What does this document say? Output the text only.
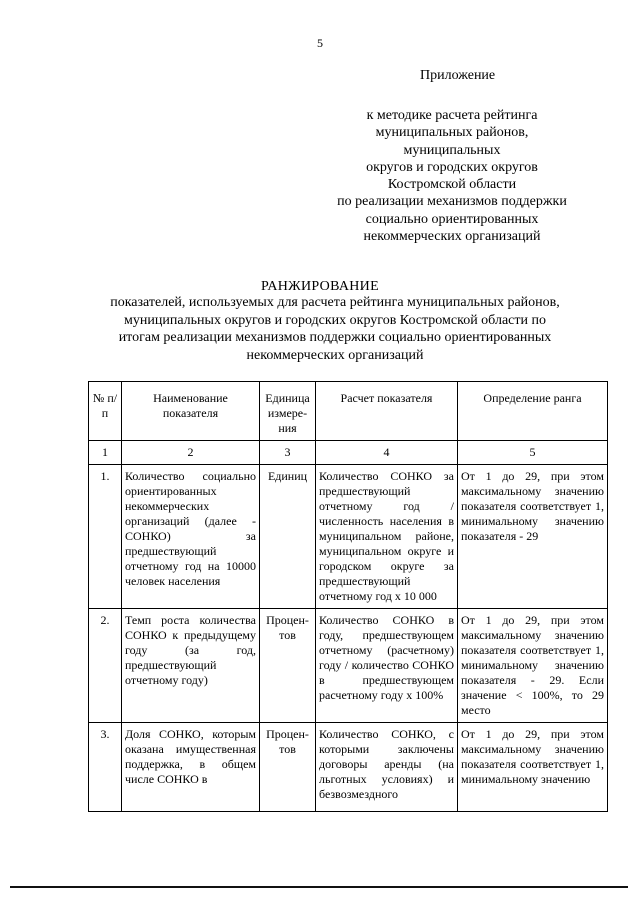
5
Приложение
к методике расчета рейтинга
муниципальных районов,
муниципальных
округов и городских округов
Костромской области
по реализации механизмов поддержки
социально ориентированных
некоммерческих организаций
РАНЖИРОВАНИЕ
показателей, используемых для расчета рейтинга муниципальных районов,
муниципальных округов и городских округов Костромской области по
итогам реализации механизмов поддержки социально ориентированных
некоммерческих организаций
№ п/п	Наименование показателя	Единица измере-ния	Расчет показателя	Определение ранга
1	2	3	4	5
1.	Количество социально ориентированных некоммерческих организаций (далее - СОНКО) за предшествующий отчетному год на 10000 человек населения	Единиц	Количество СОНКО за предшествующий отчетному год / численность населения в муниципальном районе, муниципальном округе и городском округе за предшествующий отчетному год x 10 000	От 1 до 29, при этом максимальному значению показателя соответствует 1, минимальному значению показателя - 29
2.	Темп роста количества СОНКО к предыдущему году (за год, предшествующий отчетному году)	Процен-тов	Количество СОНКО в году, предшествующем отчетному (расчетному) году / количество СОНКО в предшествующем расчетному году x 100%	От 1 до 29, при этом максимальному значению показателя соответствует 1, минимальному значению показателя - 29. Если значение < 100%, то 29 место
3.	Доля СОНКО, которым оказана имущественная поддержка, в общем числе СОНКО в	Процен-тов	Количество СОНКО, с которыми заключены договоры аренды (на льготных условиях) и безвозмездного	От 1 до 29, при этом максимальному значению показателя соответствует 1, минимальному значению
